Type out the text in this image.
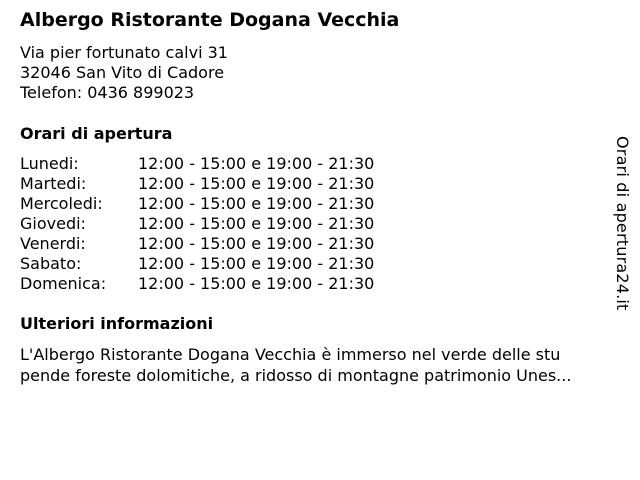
Albergo Ristorante Dogana Vecchia
Via pier fortunato calvi 31
32046 San Vito di Cadore
Telefon: 0436 899023
Orari di apertura
Lunedi:	12:00 - 15:00 e 19:00 - 21:30
Martedi:	12:00 - 15:00 e 19:00 - 21:30
Mercoledi:	12:00 - 15:00 e 19:00 - 21:30
Giovedi:	12:00 - 15:00 e 19:00 - 21:30
Venerdi:	12:00 - 15:00 e 19:00 - 21:30
Sabato:	12:00 - 15:00 e 19:00 - 21:30
Domenica:	12:00 - 15:00 e 19:00 - 21:30
Ulteriori informazioni
L'Albergo Ristorante Dogana Vecchia è immerso nel verde delle stu
pende foreste dolomitiche, a ridosso di montagne patrimonio Unes...
Orari di apertura24.it
